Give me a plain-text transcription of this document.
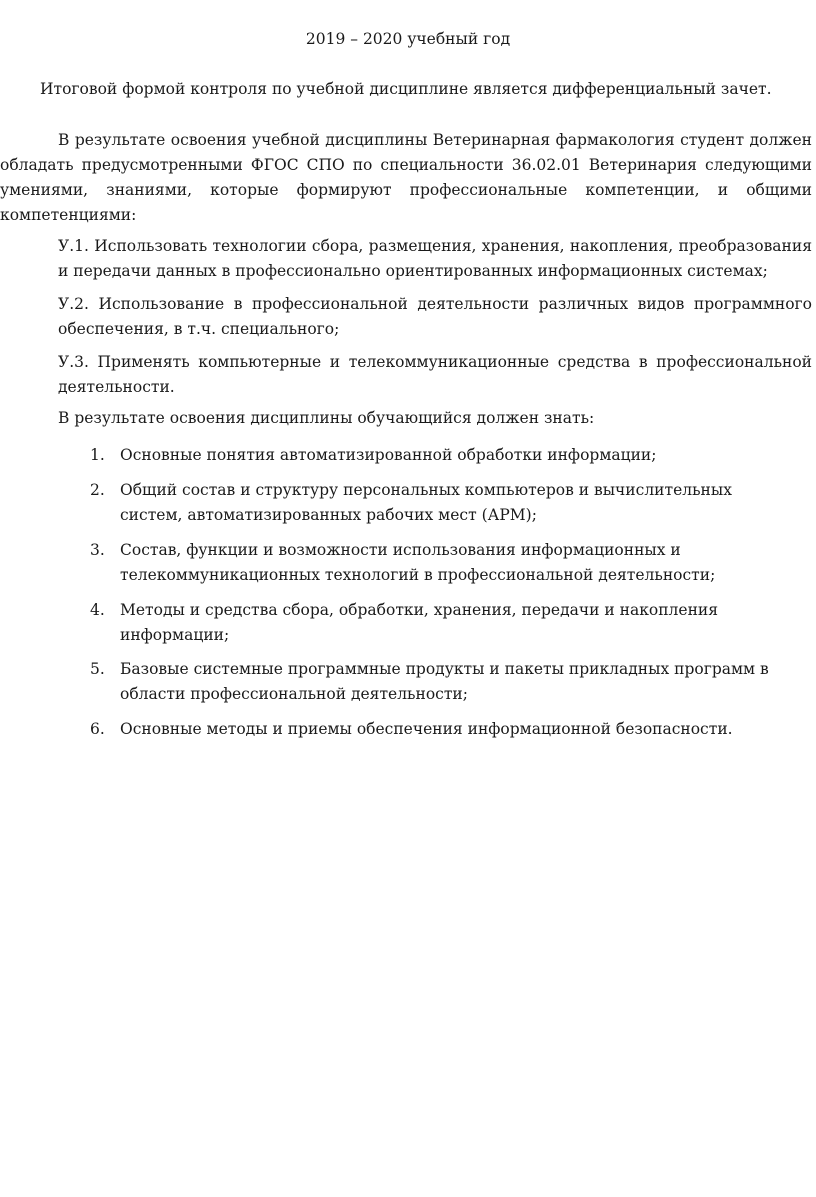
2019 – 2020 учебный год
Итоговой формой контроля по учебной дисциплине является дифференциальный зачет.

В результате освоения учебной дисциплины Ветеринарная фармакология студент должен обладать предусмотренными ФГОС СПО по специальности 36.02.01 Ветеринария следующими умениями, знаниями, которые формируют профессиональные компетенции, и общими компетенциями:

У.1. Использовать технологии сбора, размещения, хранения, накопления, преобразования и передачи данных в профессионально ориентированных информационных системах;

У.2. Использование в профессиональной деятельности различных видов программного обеспечения, в т.ч. специального;

У.3. Применять компьютерные и телекоммуникационные средства в профессиональной деятельности.

В результате освоения дисциплины обучающийся должен знать:
1. Основные понятия автоматизированной обработки информации;
2. Общий состав и структуру персональных компьютеров и вычислительных систем, автоматизированных рабочих мест (АРМ);
3. Состав, функции и возможности использования информационных и телекоммуникационных технологий в профессиональной деятельности;
4. Методы и средства сбора, обработки, хранения, передачи и накопления информации;
5. Базовые системные программные продукты и пакеты прикладных программ в области профессиональной деятельности;
6. Основные методы и приемы обеспечения информационной безопасности.
